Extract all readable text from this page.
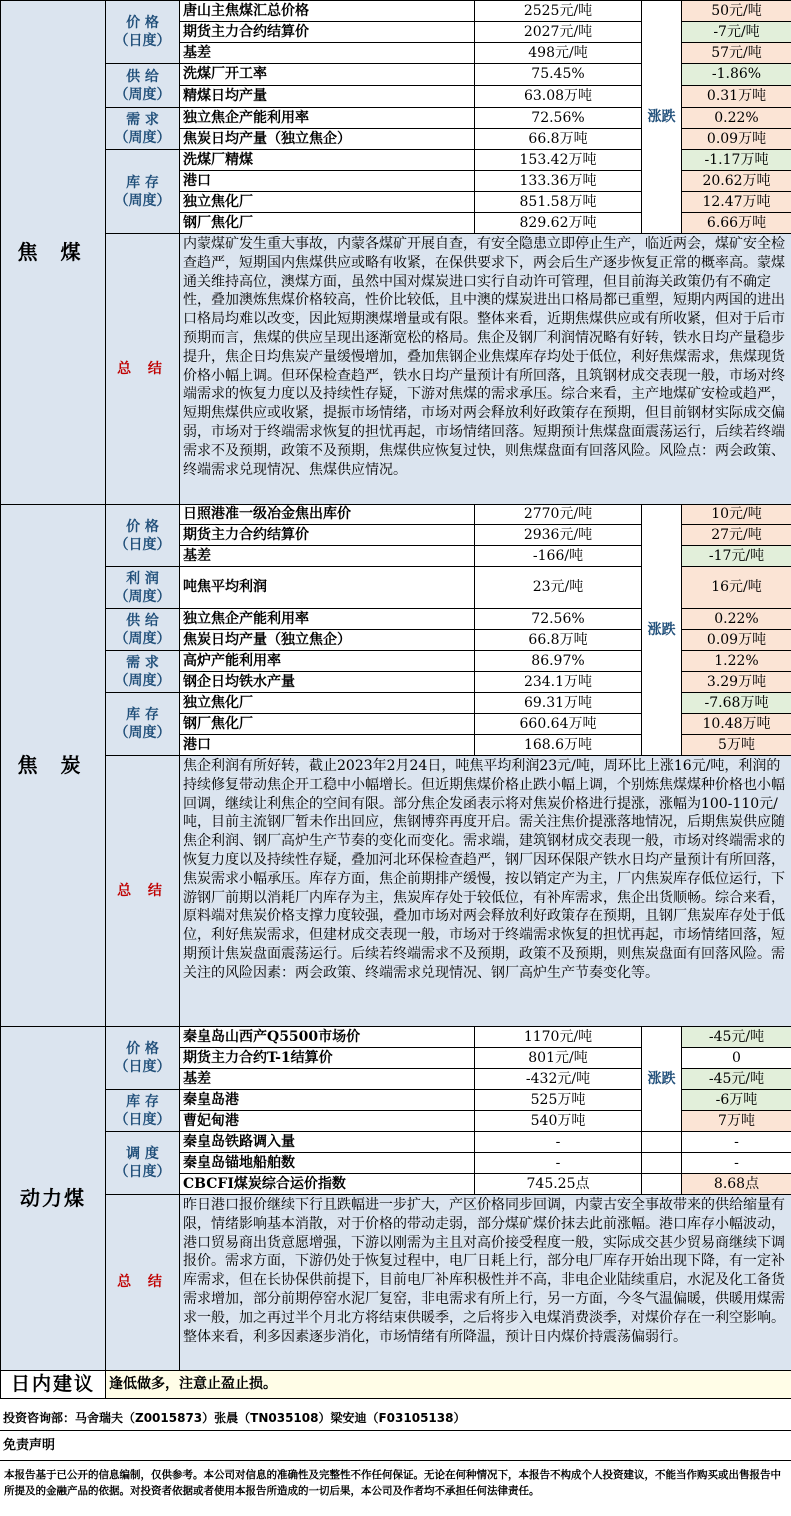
焦 煤	价 格
（日度）	唐山主焦煤汇总价格	2525元/吨	涨跌	50元/吨
		期货主力合约结算价	2027元/吨		-7元/吨
		基差	498元/吨		57元/吨
	供 给
（周度）	洗煤厂开工率	75.45%		-1.86%
		精煤日均产量	63.08万吨		0.31万吨
	需 求
（周度）	独立焦企产能利用率	72.56%		0.22%
		焦炭日均产量（独立焦企）	66.8万吨		0.09万吨
	库 存
（周度）	洗煤厂精煤	153.42万吨		-1.17万吨
		港口	133.36万吨		20.62万吨
		独立焦化厂	851.58万吨		12.47万吨
		钢厂焦化厂	829.62万吨		6.66万吨
	总 结	内蒙煤矿发生重大事故，内蒙各煤矿开展自查，有安全隐患立即停止生产，临近两会，煤矿安全检查趋严，短期国内焦煤供应或略有收紧，在保供要求下，两会后生产逐步恢复正常的概率高。蒙煤通关维持高位，澳煤方面，虽然中国对煤炭进口实行自动许可管理，但目前海关政策仍有不确定性，叠加澳炼焦煤价格较高，性价比较低，且中澳的煤炭进出口格局都已重塑，短期内两国的进出口格局均难以改变，因此短期澳煤增量或有限。整体来看，近期焦煤供应或有所收紧，但对于后市预期而言，焦煤的供应呈现出逐渐宽松的格局。焦企及钢厂利润情况略有好转，铁水日均产量稳步提升，焦企日均焦炭产量缓慢增加，叠加焦钢企业焦煤库存均处于低位，利好焦煤需求，焦煤现货价格小幅上调。但环保检查趋严，铁水日均产量预计有所回落，且筑钢材成交表现一般，市场对终端需求的恢复力度以及持续性存疑，下游对焦煤的需求承压。综合来看，主产地煤矿安检或趋严，短期焦煤供应或收紧，提振市场情绪，市场对两会释放利好政策存在预期，但目前钢材实际成交偏弱，市场对于终端需求恢复的担忧再起，市场情绪回落。短期预计焦煤盘面震荡运行，后续若终端需求不及预期，政策不及预期，焦煤供应恢复过快，则焦煤盘面有回落风险。风险点：两会政策、终端需求兑现情况、焦煤供应情况。			
焦 炭	价 格
（日度）	日照港准一级冶金焦出库价	2770元/吨	涨跌	10元/吨
		期货主力合约结算价	2936元/吨		27元/吨
		基差	-166/吨		-17元/吨
	利 润
（周度）	吨焦平均利润	23元/吨		16元/吨
	供 给
（周度）	独立焦企产能利用率	72.56%		0.22%
		焦炭日均产量（独立焦企）	66.8万吨		0.09万吨
	需 求
（周度）	高炉产能利用率	86.97%		1.22%
		钢企日均铁水产量	234.1万吨		3.29万吨
	库 存
（周度）	独立焦化厂	69.31万吨		-7.68万吨
		钢厂焦化厂	660.64万吨		10.48万吨
		港口	168.6万吨		5万吨
	总 结	焦企利润有所好转，截止2023年2月24日，吨焦平均利润23元/吨，周环比上涨16元/吨，利润的持续修复带动焦企开工稳中小幅增长。但近期焦煤价格止跌小幅上调，个别炼焦煤煤种价格也小幅回调，继续让利焦企的空间有限。部分焦企发函表示将对焦炭价格进行提涨，涨幅为100-110元/吨，目前主流钢厂暂未作出回应，焦钢博弈再度开启。需关注焦价提涨落地情况，后期焦炭供应随焦企利润、钢厂高炉生产节奏的变化而变化。需求端，建筑钢材成交表现一般，市场对终端需求的恢复力度以及持续性存疑，叠加河北环保检查趋严，钢厂因环保限产铁水日均产量预计有所回落，焦炭需求小幅承压。库存方面，焦企前期排产缓慢，按以销定产为主，厂内焦炭库存低位运行，下游钢厂前期以消耗厂内库存为主，焦炭库存处于较低位，有补库需求，焦企出货顺畅。综合来看，原料端对焦炭价格支撑力度较强，叠加市场对两会释放利好政策存在预期，且钢厂焦炭库存处于低位，利好焦炭需求，但建材成交表现一般，市场对于终端需求恢复的担忧再起，市场情绪回落，短期预计焦炭盘面震荡运行。后续若终端需求不及预期，政策不及预期，则焦炭盘面有回落风险。需关注的风险因素：两会政策、终端需求兑现情况、钢厂高炉生产节奏变化等。			
动力煤	价 格
（日度）	秦皇岛山西产Q5500市场价	1170元/吨	涨跌	-45元/吨
		期货主力合约T-1结算价	801元/吨		0
		基差	-432元/吨		-45元/吨
	库 存
（日度）	秦皇岛港	525万吨		-6万吨
		曹妃甸港	540万吨		7万吨
	调 度
（日度）	秦皇岛铁路调入量	-		-
		秦皇岛锚地船舶数	-		-
		CBCFI煤炭综合运价指数	745.25点		8.68点
	总 结	昨日港口报价继续下行且跌幅进一步扩大，产区价格同步回调，内蒙古安全事故带来的供给缩量有限，情绪影响基本消散，对于价格的带动走弱，部分煤矿煤价抹去此前涨幅。港口库存小幅波动，港口贸易商出货意愿增强，下游以刚需为主且对高价接受程度一般，实际成交甚少贸易商继续下调报价。需求方面，下游仍处于恢复过程中，电厂日耗上行，部分电厂库存开始出现下降，有一定补库需求，但在长协保供前提下，目前电厂补库积极性并不高，非电企业陆续重启，水泥及化工备货需求增加，部分前期停窑水泥厂复窑，非电需求有所上行，另一方面，今冬气温偏暖，供暖用煤需求一般，加之再过半个月北方将结束供暖季，之后将步入电煤消费淡季，对煤价存在一利空影响。整体来看，利多因素逐步消化，市场情绪有所降温，预计日内煤价持震荡偏弱行。			
日内建议	逢低做多，注意止盈止损。				
投资咨询部：马舍瑞夫（Z0015873）张晨（TN035108）梁安迪（F03105138）
免责声明
本报告基于已公开的信息编制，仅供参考。本公司对信息的准确性及完整性不作任何保证。无论在何种情况下，本报告不构成个人投资建议，不能当作购买或出售报告中所提及的金融产品的依据。对投资者依据或者使用本报告所造成的一切后果，本公司及作者均不承担任何法律责任。
